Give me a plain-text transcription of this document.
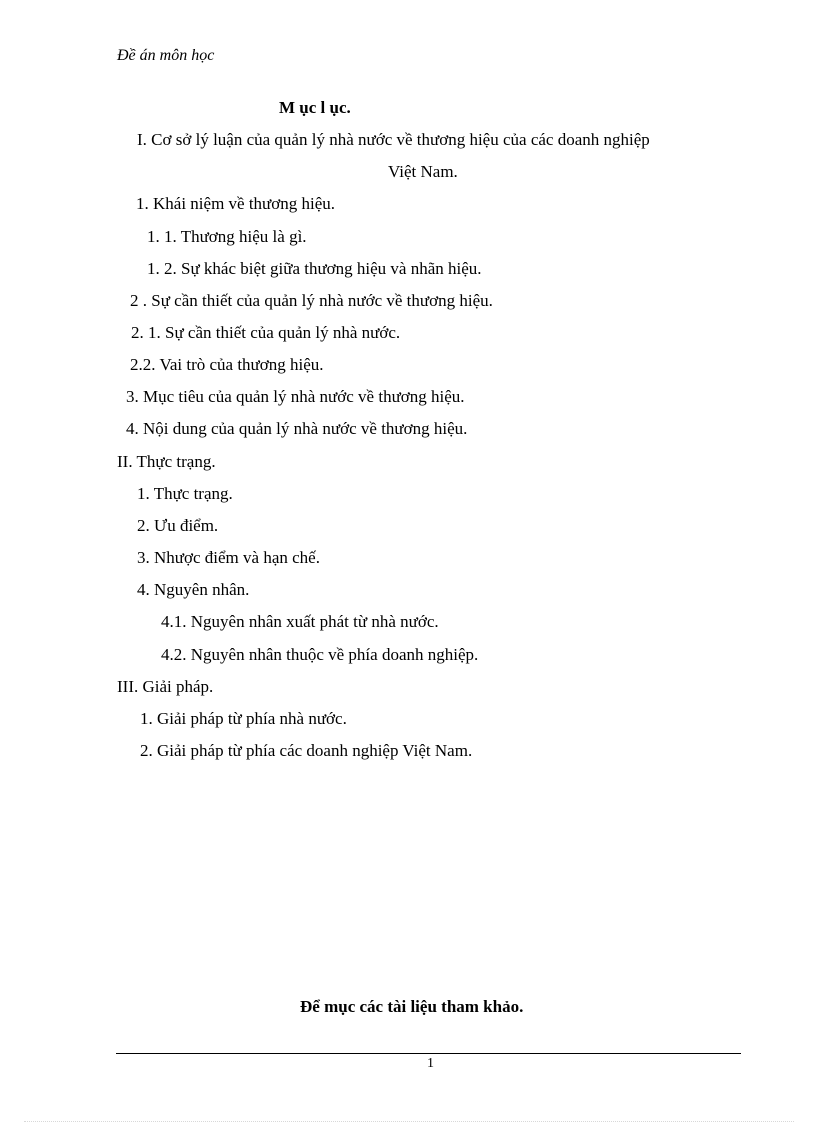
Đề án môn học
M ục l ục.
I. Cơ sở lý luận của quản lý nhà nước về thương hiệu của các doanh nghiệp
Việt Nam.
1. Khái niệm về thương hiệu.
1. 1. Thương hiệu là gì.
1. 2. Sự khác biệt giữa thương hiệu và nhãn hiệu.
2 . Sự cần thiết của quản lý nhà nước về thương hiệu.
2. 1. Sự cần thiết của quản lý nhà nước.
2.2. Vai trò của thương hiệu.
3. Mục tiêu của quản lý nhà nước về thương hiệu.
4. Nội dung của quản lý nhà nước về thương hiệu.
II. Thực trạng.
1. Thực trạng.
2. Ưu điểm.
3. Nhược điểm và hạn chế.
4. Nguyên nhân.
4.1. Nguyên nhân xuất phát từ nhà nước.
4.2. Nguyên nhân thuộc về phía doanh nghiệp.
III. Giải pháp.
1. Giải pháp từ phía nhà nước.
2. Giải pháp từ phía các doanh nghiệp Việt Nam.
Để mục các tài liệu tham khảo.
1
